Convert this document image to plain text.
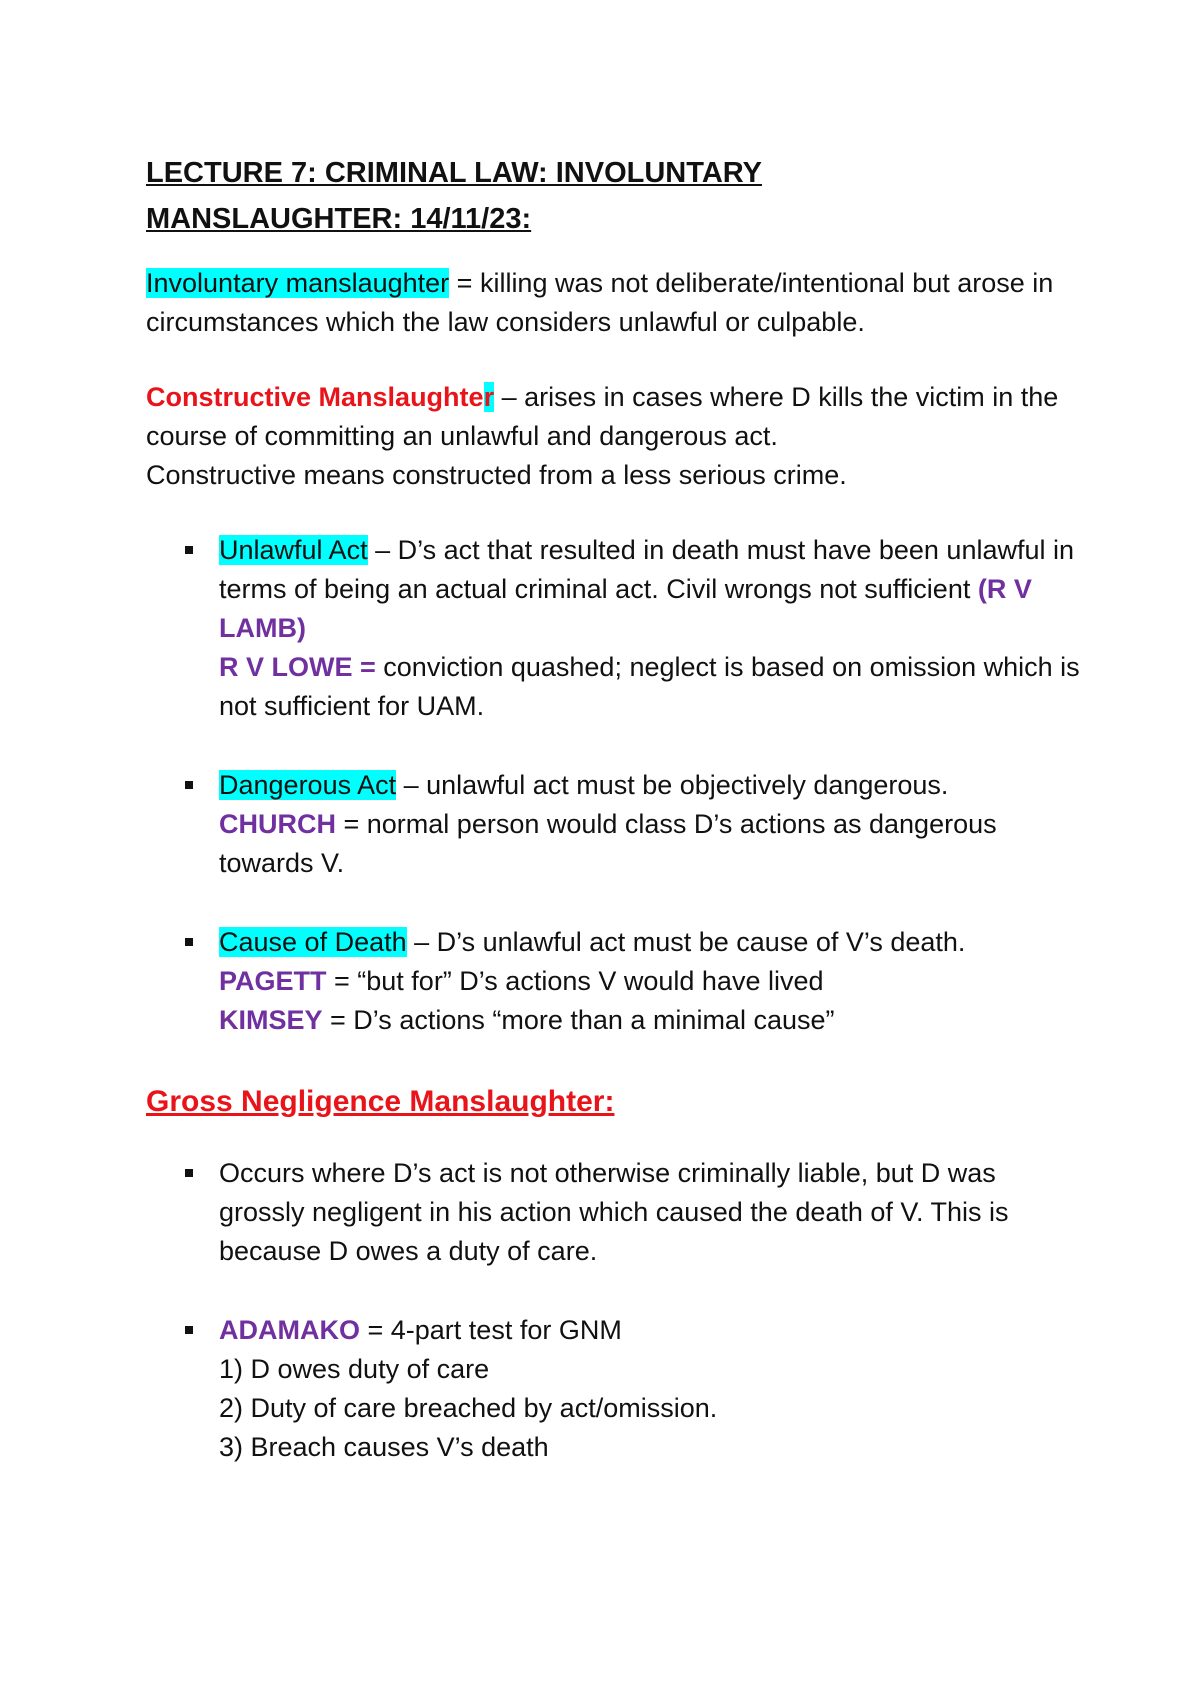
LECTURE 7: CRIMINAL LAW: INVOLUNTARY
MANSLAUGHTER: 14/11/23:

Involuntary manslaughter = killing was not deliberate/intentional but arose in circumstances which the law considers unlawful or culpable.

Constructive Manslaughter – arises in cases where D kills the victim in the course of committing an unlawful and dangerous act.
Constructive means constructed from a less serious crime.

Unlawful Act – D’s act that resulted in death must have been unlawful in terms of being an actual criminal act. Civil wrongs not sufficient (R V LAMB)
R V LOWE = conviction quashed; neglect is based on omission which is not sufficient for UAM.
Dangerous Act – unlawful act must be objectively dangerous.
CHURCH = normal person would class D’s actions as dangerous towards V.
Cause of Death – D’s unlawful act must be cause of V’s death.
PAGETT = “but for” D’s actions V would have lived
KIMSEY = D’s actions “more than a minimal cause”
Gross Negligence Manslaughter:
Occurs where D’s act is not otherwise criminally liable, but D was grossly negligent in his action which caused the death of V. This is because D owes a duty of care.
ADAMAKO = 4-part test for GNM
1) D owes duty of care
2) Duty of care breached by act/omission.
3) Breach causes V’s death
